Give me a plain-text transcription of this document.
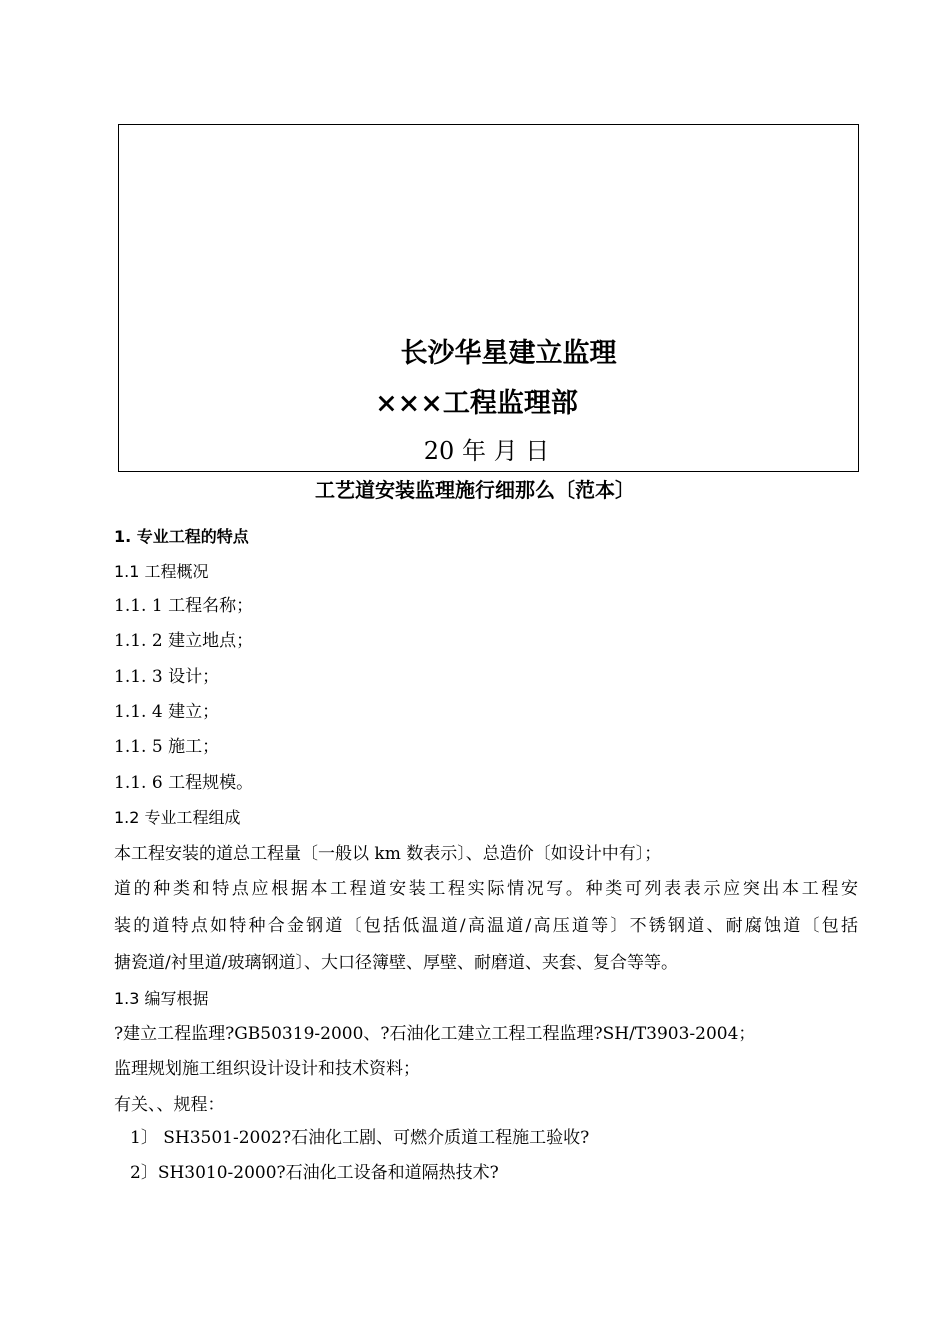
长沙华星建立监理
×××工程监理部
20 年 月 日
工艺道安装监理施行细那么〔范本〕
1. 专业工程的特点
1.1 工程概况
1.1. 1 工程名称；
1.1. 2 建立地点；
1.1. 3 设计；
1.1. 4 建立；
1.1. 5 施工；
1.1. 6 工程规模。
1.2 专业工程组成
本工程安装的道总工程量〔一般以 km 数表示〕、总造价〔如设计中有〕；
道的种类和特点应根据本工程道安装工程实际情况写。种类可列表表示应突出本工程安
装的道特点如特种合金钢道〔包括低温道/高温道/高压道等〕不锈钢道、耐腐蚀道〔包括
搪瓷道/衬里道/玻璃钢道〕、大口径簿壁、厚壁、耐磨道、夹套、复合等等。
1.3 编写根据
?建立工程监理?GB50319-2000、?石油化工建立工程工程监理?SH/T3903-2004；
监理规划施工组织设计设计和技术资料；
有关、、规程：
1〕 SH3501-2002?石油化工剧、可燃介质道工程施工验收?
2〕SH3010-2000?石油化工设备和道隔热技术?
